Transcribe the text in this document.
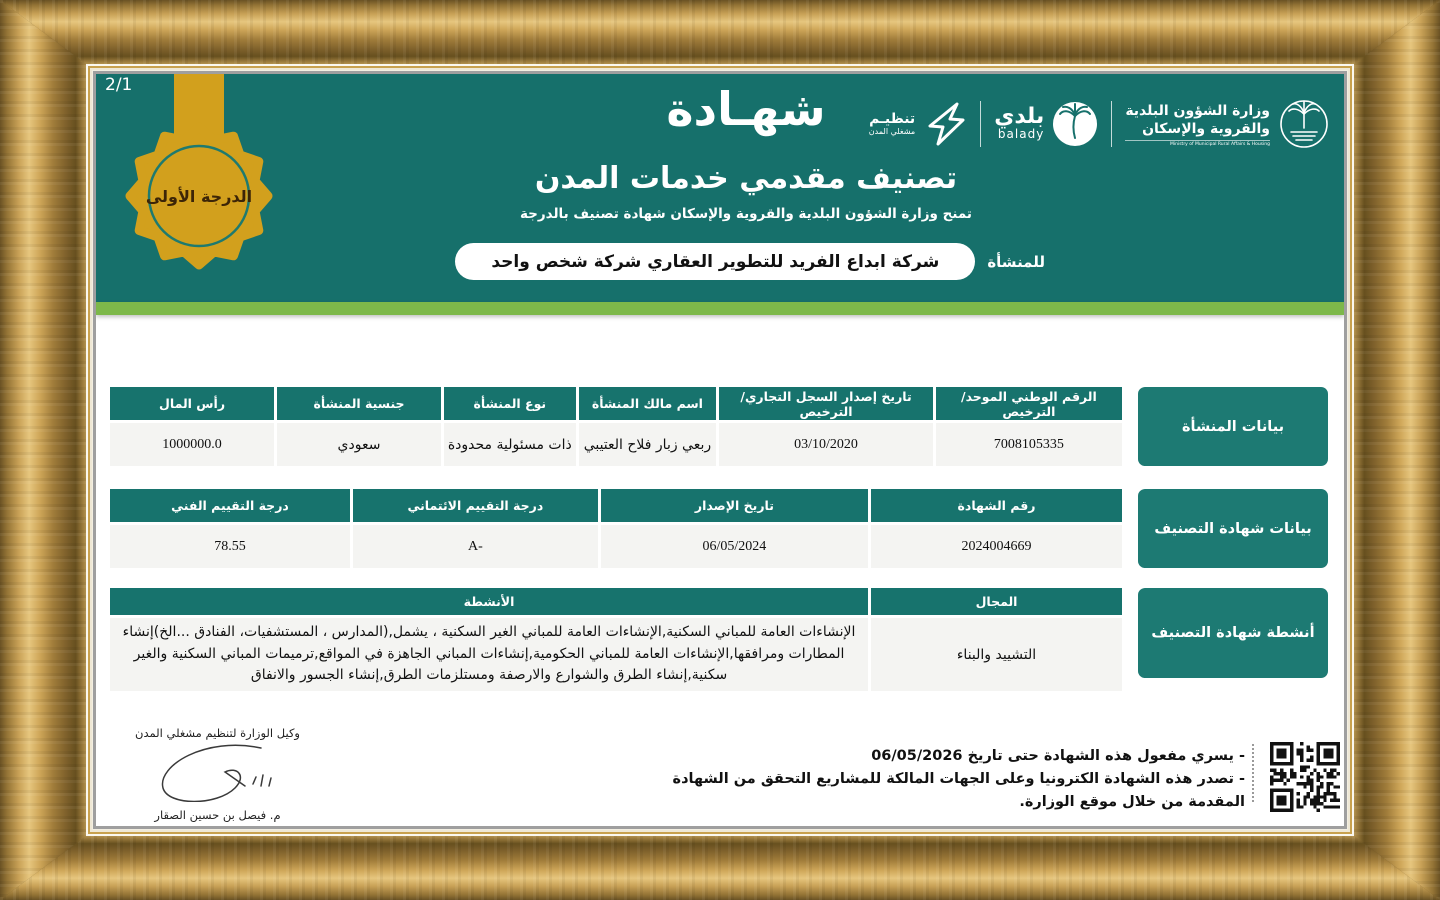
2/1
الدرجة الأولى
شهـادة
تصنيف مقدمي خدمات المدن
تمنح وزارة الشؤون البلدية والقروية والإسكان شهادة تصنيف بالدرجة
للمنشأة
شركة ابداع الفريد للتطوير العقاري شركة شخص واحد
وزارة الشؤون البلدية
والقروية والإسكان
Ministry of Municipal Rural Affairs & Housing
بلدي
balady
تنظيـم
مشغلي المدن
بيانات المنشأة
الرقم الوطني الموحد/ الترخيص
تاريخ إصدار السجل التجاري/ الترخيص
اسم مالك المنشأة
نوع المنشأة
جنسية المنشأة
رأس المال
7008105335
03/10/2020
ربعي زبار فلاح العتيبي
ذات مسئولية محدودة
سعودي
1000000.0
بيانات شهادة التصنيف
رقم الشهادة
تاريخ الإصدار
درجة التقييم الائتماني
درجة التقييم الفني
2024004669
06/05/2024
A-
78.55
أنشطة شهادة التصنيف
المجال
الأنشطة
التشييد والبناء
الإنشاءات العامة للمباني السكنية,الإنشاءات العامة للمباني الغير السكنية ، يشمل,(المدارس ، المستشفيات، الفنادق ...الخ)إنشاء المطارات ومرافقها,الإنشاءات العامة للمباني الحكومية,إنشاءات المباني الجاهزة في المواقع,ترميمات المباني السكنية والغير سكنية,إنشاء الطرق والشوارع والارصفة ومستلزمات الطرق,إنشاء الجسور والانفاق
وكيل الوزارة لتنظيم مشغلي المدن
م. فيصل بن حسين الصقار
- يسري مفعول هذه الشهادة حتى تاريخ 06/05/2026
- تصدر هذه الشهادة الكترونيا وعلى الجهات المالكة للمشاريع التحقق من الشهادة المقدمة من خلال موقع الوزارة.
